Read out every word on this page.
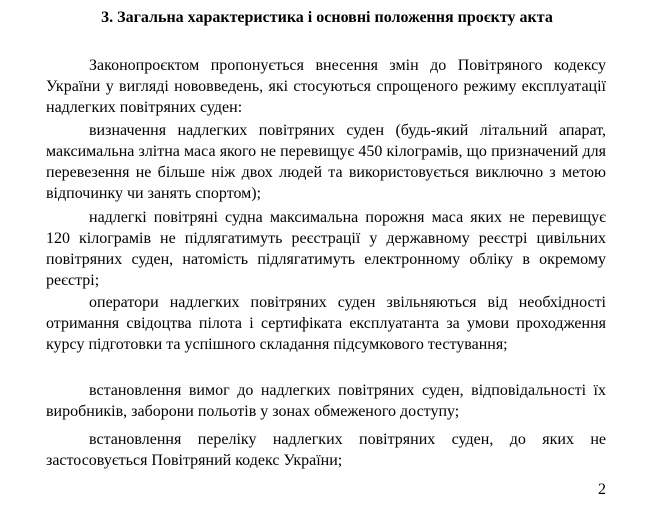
3. Загальна характеристика і основні положення проєкту акта

Законопроєктом пропонується внесення змін до Повітряного кодексу України у вигляді нововведень, які стосуються спрощеного режиму експлуатації надлегких повітряних суден:

визначення надлегких повітряних суден (будь-який літальний апарат, максимальна злітна маса якого не перевищує 450 кілограмів, що призначений для перевезення не більше ніж двох людей та використовується виключно з метою відпочинку чи занять спортом);

надлегкі повітряні судна максимальна порожня маса яких не перевищує 120 кілограмів не підлягатимуть реєстрації у державному реєстрі цивільних повітряних суден, натомість підлягатимуть електронному обліку в окремому реєстрі;

оператори надлегких повітряних суден звільняються від необхідності отримання свідоцтва пілота і сертифіката експлуатанта за умови проходження курсу підготовки та успішного складання підсумкового тестування;

встановлення вимог до надлегких повітряних суден, відповідальності їх виробників, заборони польотів у зонах обмеженого доступу;

встановлення переліку надлегких повітряних суден, до яких не застосовується Повітряний кодекс України;

2
